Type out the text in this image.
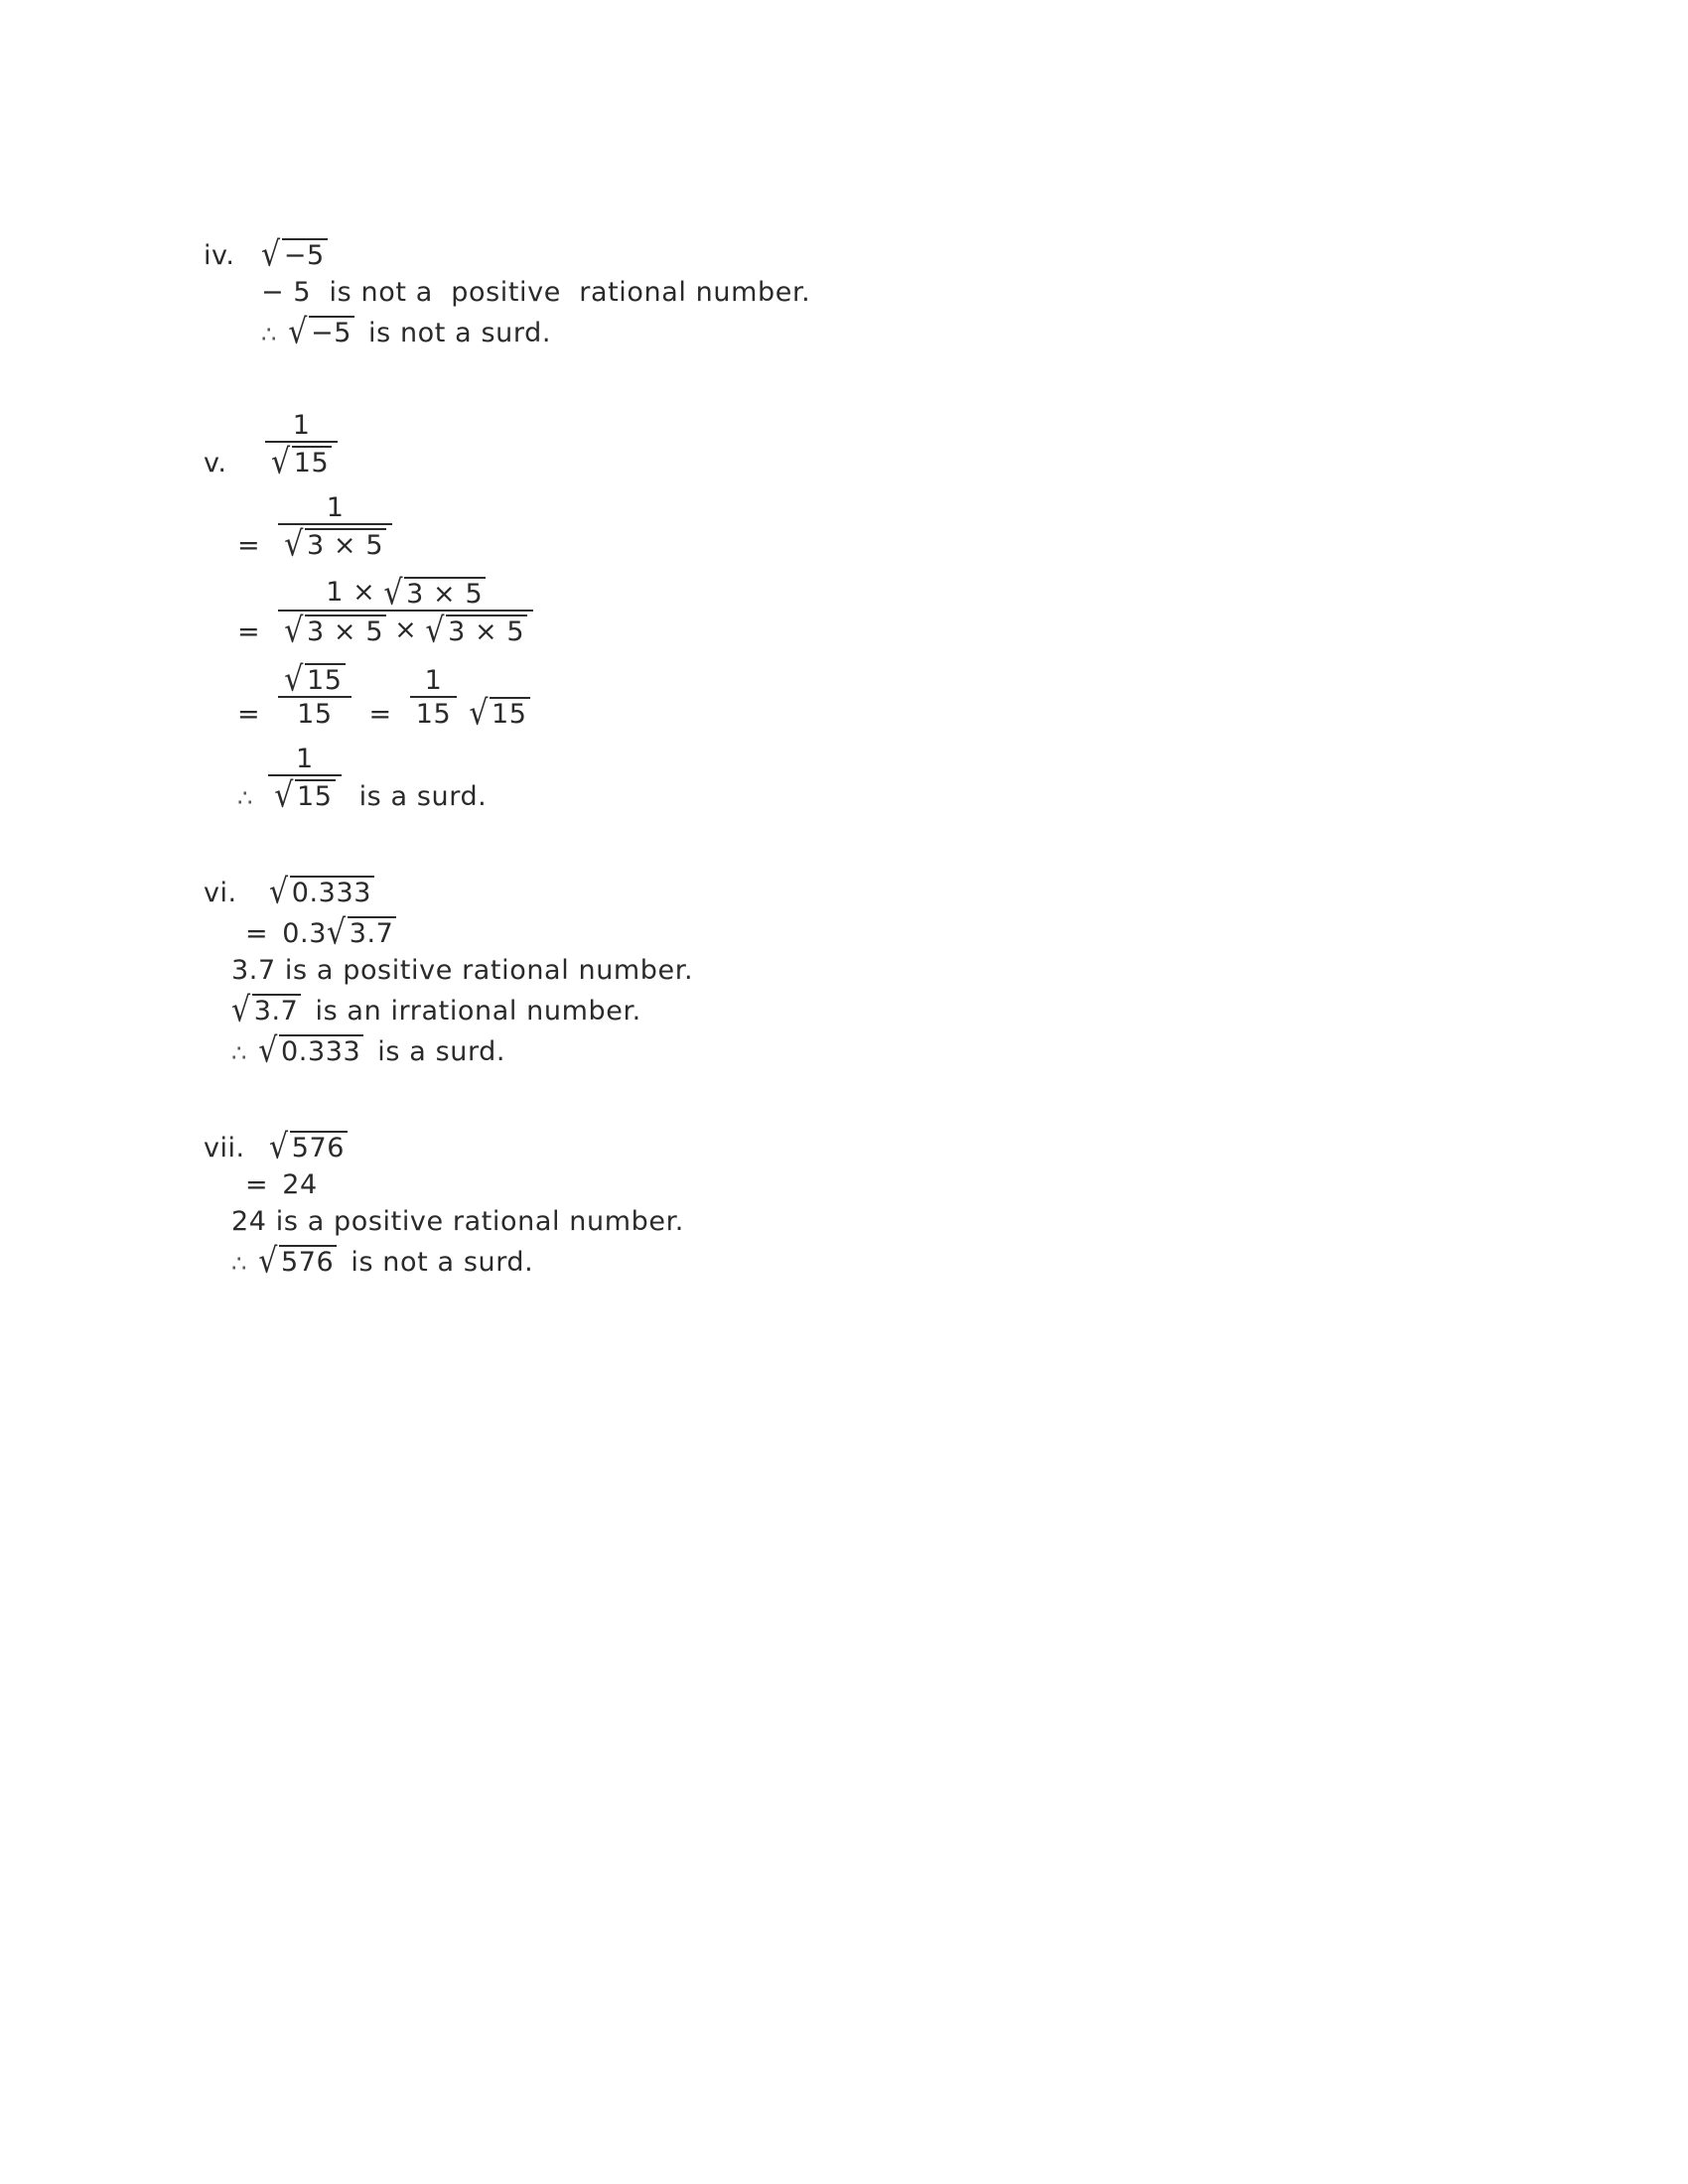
iv. √ −5
− 5  is not a  positive  rational number.
∴ √ −5 is not a surd.
v.	$\frac{1}{√ 15}$
= $\frac{1}{√ 3 \times 5}$
=
1 × √ 3 × 5
√ 3 × 5 × √ 3 × 5
= $\frac{√ 15}{15} = \frac{1}{15}$ √ 15
∴ $\frac{1}{√ 15}$ is a surd.
vi.	√ 0.333
= 0.3 √ 3.7
3.7 is a positive rational number.
√ 3.7 is an irrational number.
∴ √ 0.333 is a surd.
vii. √ 576
= 24
24 is a positive rational number.
∴ √ 576 is not a surd.
